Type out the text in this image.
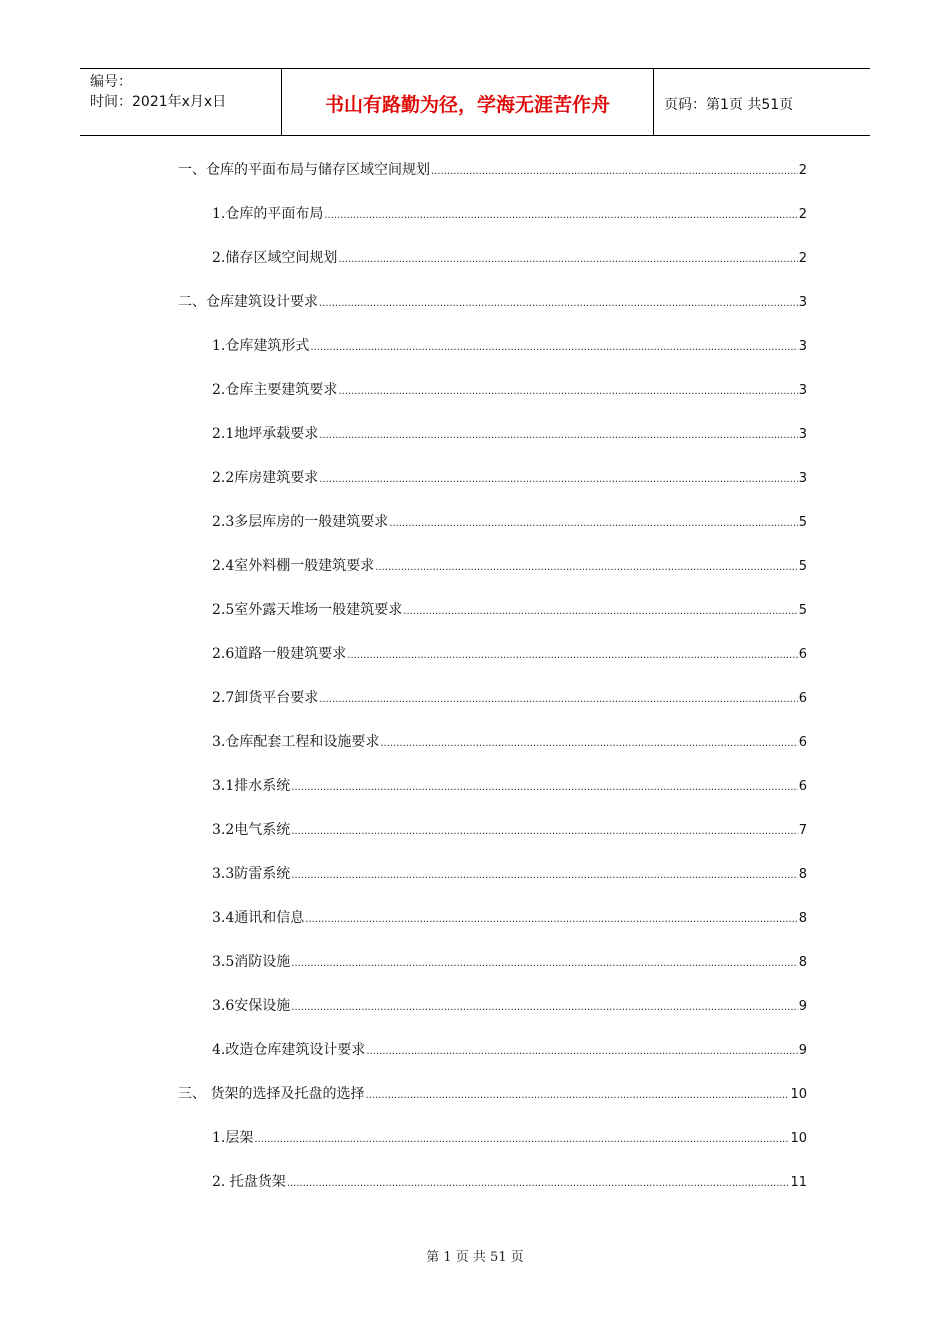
编号：
时间：2021年x月x日	书山有路勤为径，学海无涯苦作舟	页码：第1页 共51页
一、仓库的平面布局与储存区域空间规划 .....	2
1.仓库的平面布局 .....	2
2.储存区域空间规划 .....	2
二、仓库建筑设计要求 .....	3
1.仓库建筑形式 .....	3
2.仓库主要建筑要求 .....	3
2.1地坪承载要求 .....	3
2.2库房建筑要求 .....	3
2.3多层库房的一般建筑要求 .....	5
2.4室外料棚一般建筑要求 .....	5
2.5室外露天堆场一般建筑要求 .....	5
2.6道路一般建筑要求 .....	6
2.7卸货平台要求 .....	6
3.仓库配套工程和设施要求 .....	6
3.1排水系统 .....	6
3.2电气系统 .....	7
3.3防雷系统 .....	8
3.4通讯和信息 .....	8
3.5消防设施 .....	8
3.6安保设施 .....	9
4.改造仓库建筑设计要求 .....	9
三、 货架的选择及托盘的选择 .....	10
1.层架 .....	10
2. 托盘货架 .....	11
第 1 页 共 51 页
